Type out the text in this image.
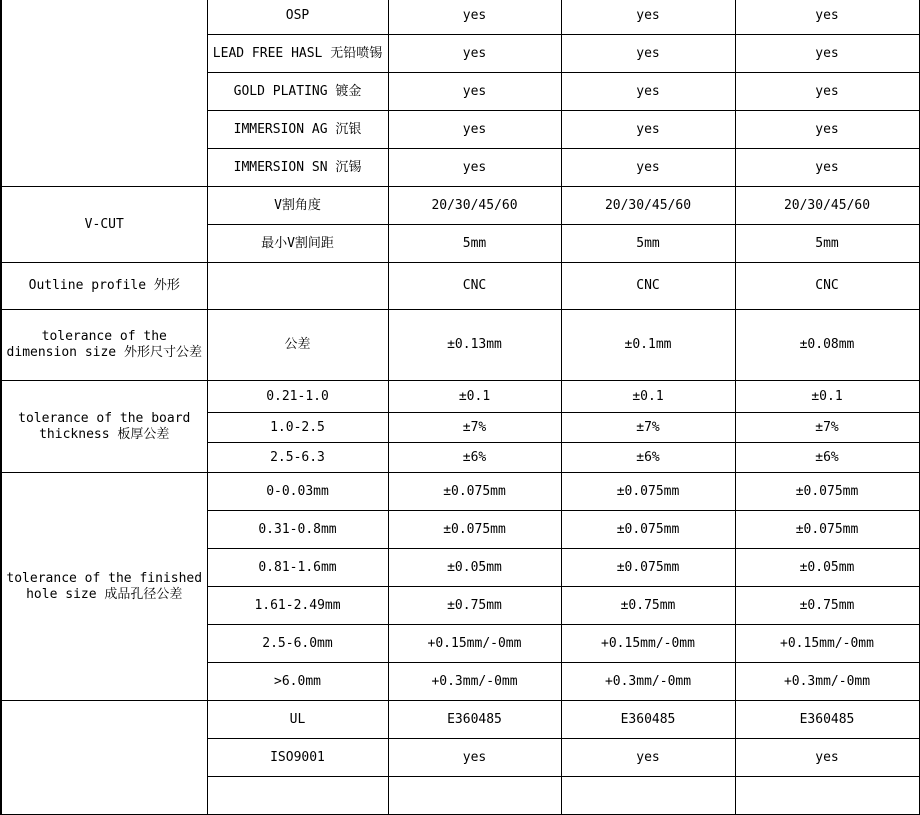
	OSP	yes	yes	yes
	LEAD FREE HASL 无铅喷锡	yes	yes	yes
	GOLD PLATING 镀金	yes	yes	yes
	IMMERSION AG 沉银	yes	yes	yes
	IMMERSION SN 沉锡	yes	yes	yes
V-CUT	V割角度	20/30/45/60	20/30/45/60	20/30/45/60
	最小V割间距	5mm	5mm	5mm
Outline profile 外形		CNC	CNC	CNC
tolerance of the dimension size 外形尺寸公差	公差	±0.13mm	±0.1mm	±0.08mm
tolerance of the board thickness 板厚公差	0.21-1.0	±0.1	±0.1	±0.1
	1.0-2.5	±7%	±7%	±7%
	2.5-6.3	±6%	±6%	±6%
tolerance of the finished hole size 成品孔径公差	0-0.03mm	±0.075mm	±0.075mm	±0.075mm
	0.31-0.8mm	±0.075mm	±0.075mm	±0.075mm
	0.81-1.6mm	±0.05mm	±0.075mm	±0.05mm
	1.61-2.49mm	±0.75mm	±0.75mm	±0.75mm
	2.5-6.0mm	+0.15mm/-0mm	+0.15mm/-0mm	+0.15mm/-0mm
	>6.0mm	+0.3mm/-0mm	+0.3mm/-0mm	+0.3mm/-0mm
	UL	E360485	E360485	E360485
	ISO9001	yes	yes	yes
